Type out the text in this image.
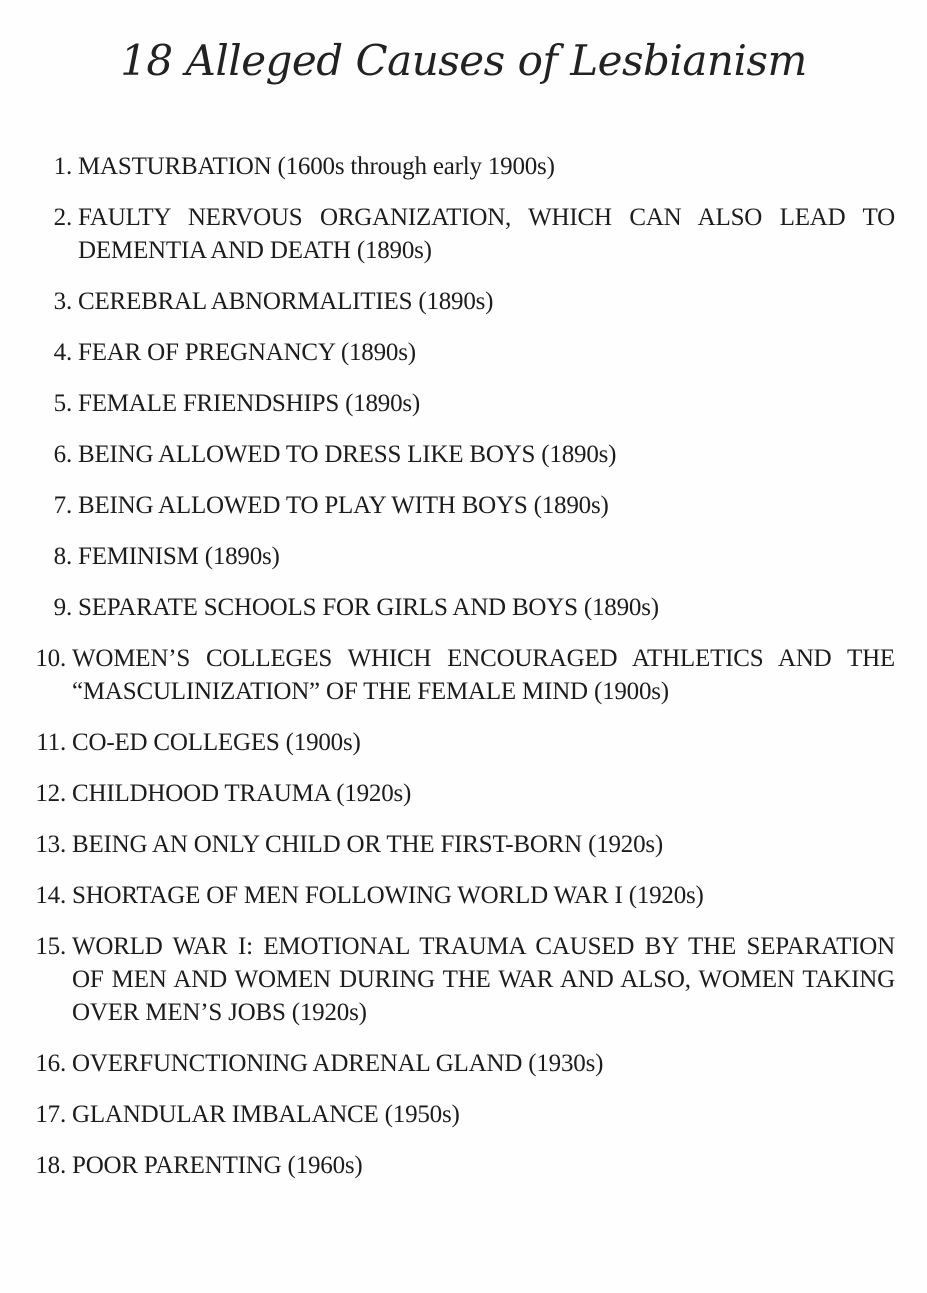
18 Alleged Causes of Lesbianism
1. MASTURBATION (1600s through early 1900s)
2. FAULTY NERVOUS ORGANIZATION, WHICH CAN ALSO LEAD TO DEMENTIA AND DEATH (1890s)
3. CEREBRAL ABNORMALITIES (1890s)
4. FEAR OF PREGNANCY (1890s)
5. FEMALE FRIENDSHIPS (1890s)
6. BEING ALLOWED TO DRESS LIKE BOYS (1890s)
7. BEING ALLOWED TO PLAY WITH BOYS (1890s)
8. FEMINISM (1890s)
9. SEPARATE SCHOOLS FOR GIRLS AND BOYS (1890s)
10. WOMEN’S COLLEGES WHICH ENCOURAGED ATHLETICS AND THE “MASCULINIZATION” OF THE FEMALE MIND (1900s)
11. CO-ED COLLEGES (1900s)
12. CHILDHOOD TRAUMA (1920s)
13. BEING AN ONLY CHILD OR THE FIRST-BORN (1920s)
14. SHORTAGE OF MEN FOLLOWING WORLD WAR I (1920s)
15. WORLD WAR I: EMOTIONAL TRAUMA CAUSED BY THE SEPARATION OF MEN AND WOMEN DURING THE WAR AND ALSO, WOMEN TAKING OVER MEN’S JOBS (1920s)
16. OVERFUNCTIONING ADRENAL GLAND (1930s)
17. GLANDULAR IMBALANCE (1950s)
18. POOR PARENTING (1960s)
